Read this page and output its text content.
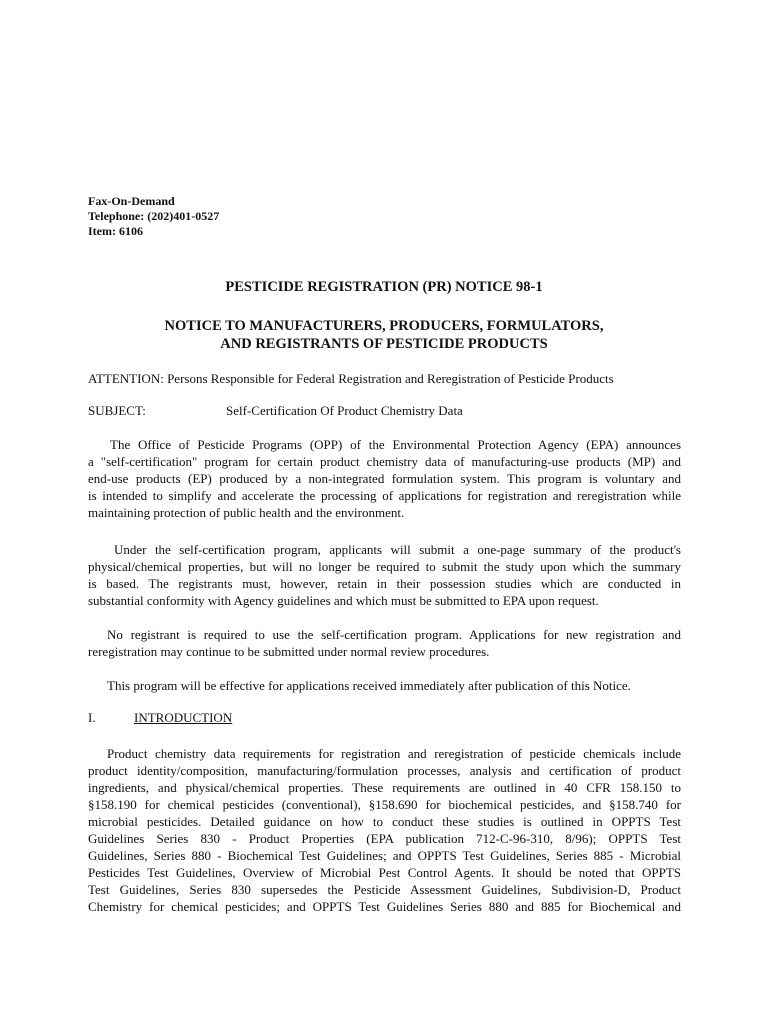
Fax-On-Demand
Telephone: (202)401-0527
Item: 6106
PESTICIDE REGISTRATION (PR) NOTICE 98-1
NOTICE TO MANUFACTURERS, PRODUCERS, FORMULATORS,
AND REGISTRANTS OF PESTICIDE PRODUCTS
ATTENTION: Persons Responsible for Federal Registration and Reregistration of Pesticide Products
SUBJECT:	Self-Certification Of Product Chemistry Data
The Office of Pesticide Programs (OPP) of the Environmental Protection Agency (EPA) announces
a "self-certification" program for certain product chemistry data of manufacturing-use products (MP) and
end-use products (EP) produced by a non-integrated formulation system. This program is voluntary and
is intended to simplify and accelerate the processing of applications for registration and reregistration while
maintaining protection of public health and the environment.
Under the self-certification program, applicants will submit a one-page summary of the product's
physical/chemical properties, but will no longer be required to submit the study upon which the summary
is based. The registrants must, however, retain in their possession studies which are conducted in
substantial conformity with Agency guidelines and which must be submitted to EPA upon request.
No registrant is required to use the self-certification program. Applications for new registration and
reregistration may continue to be submitted under normal review procedures.
This program will be effective for applications received immediately after publication of this Notice.
I.	INTRODUCTION
Product chemistry data requirements for registration and reregistration of pesticide chemicals include
product identity/composition, manufacturing/formulation processes, analysis and certification of product
ingredients, and physical/chemical properties. These requirements are outlined in 40 CFR 158.150 to
§158.190 for chemical pesticides (conventional), §158.690 for biochemical pesticides, and §158.740 for
microbial pesticides. Detailed guidance on how to conduct these studies is outlined in OPPTS Test
Guidelines Series 830 - Product Properties (EPA publication 712-C-96-310, 8/96); OPPTS Test
Guidelines, Series 880 - Biochemical Test Guidelines; and OPPTS Test Guidelines, Series 885 - Microbial
Pesticides Test Guidelines, Overview of Microbial Pest Control Agents. It should be noted that OPPTS
Test Guidelines, Series 830 supersedes the Pesticide Assessment Guidelines, Subdivision-D, Product
Chemistry for chemical pesticides; and OPPTS Test Guidelines Series 880 and 885 for Biochemical and
